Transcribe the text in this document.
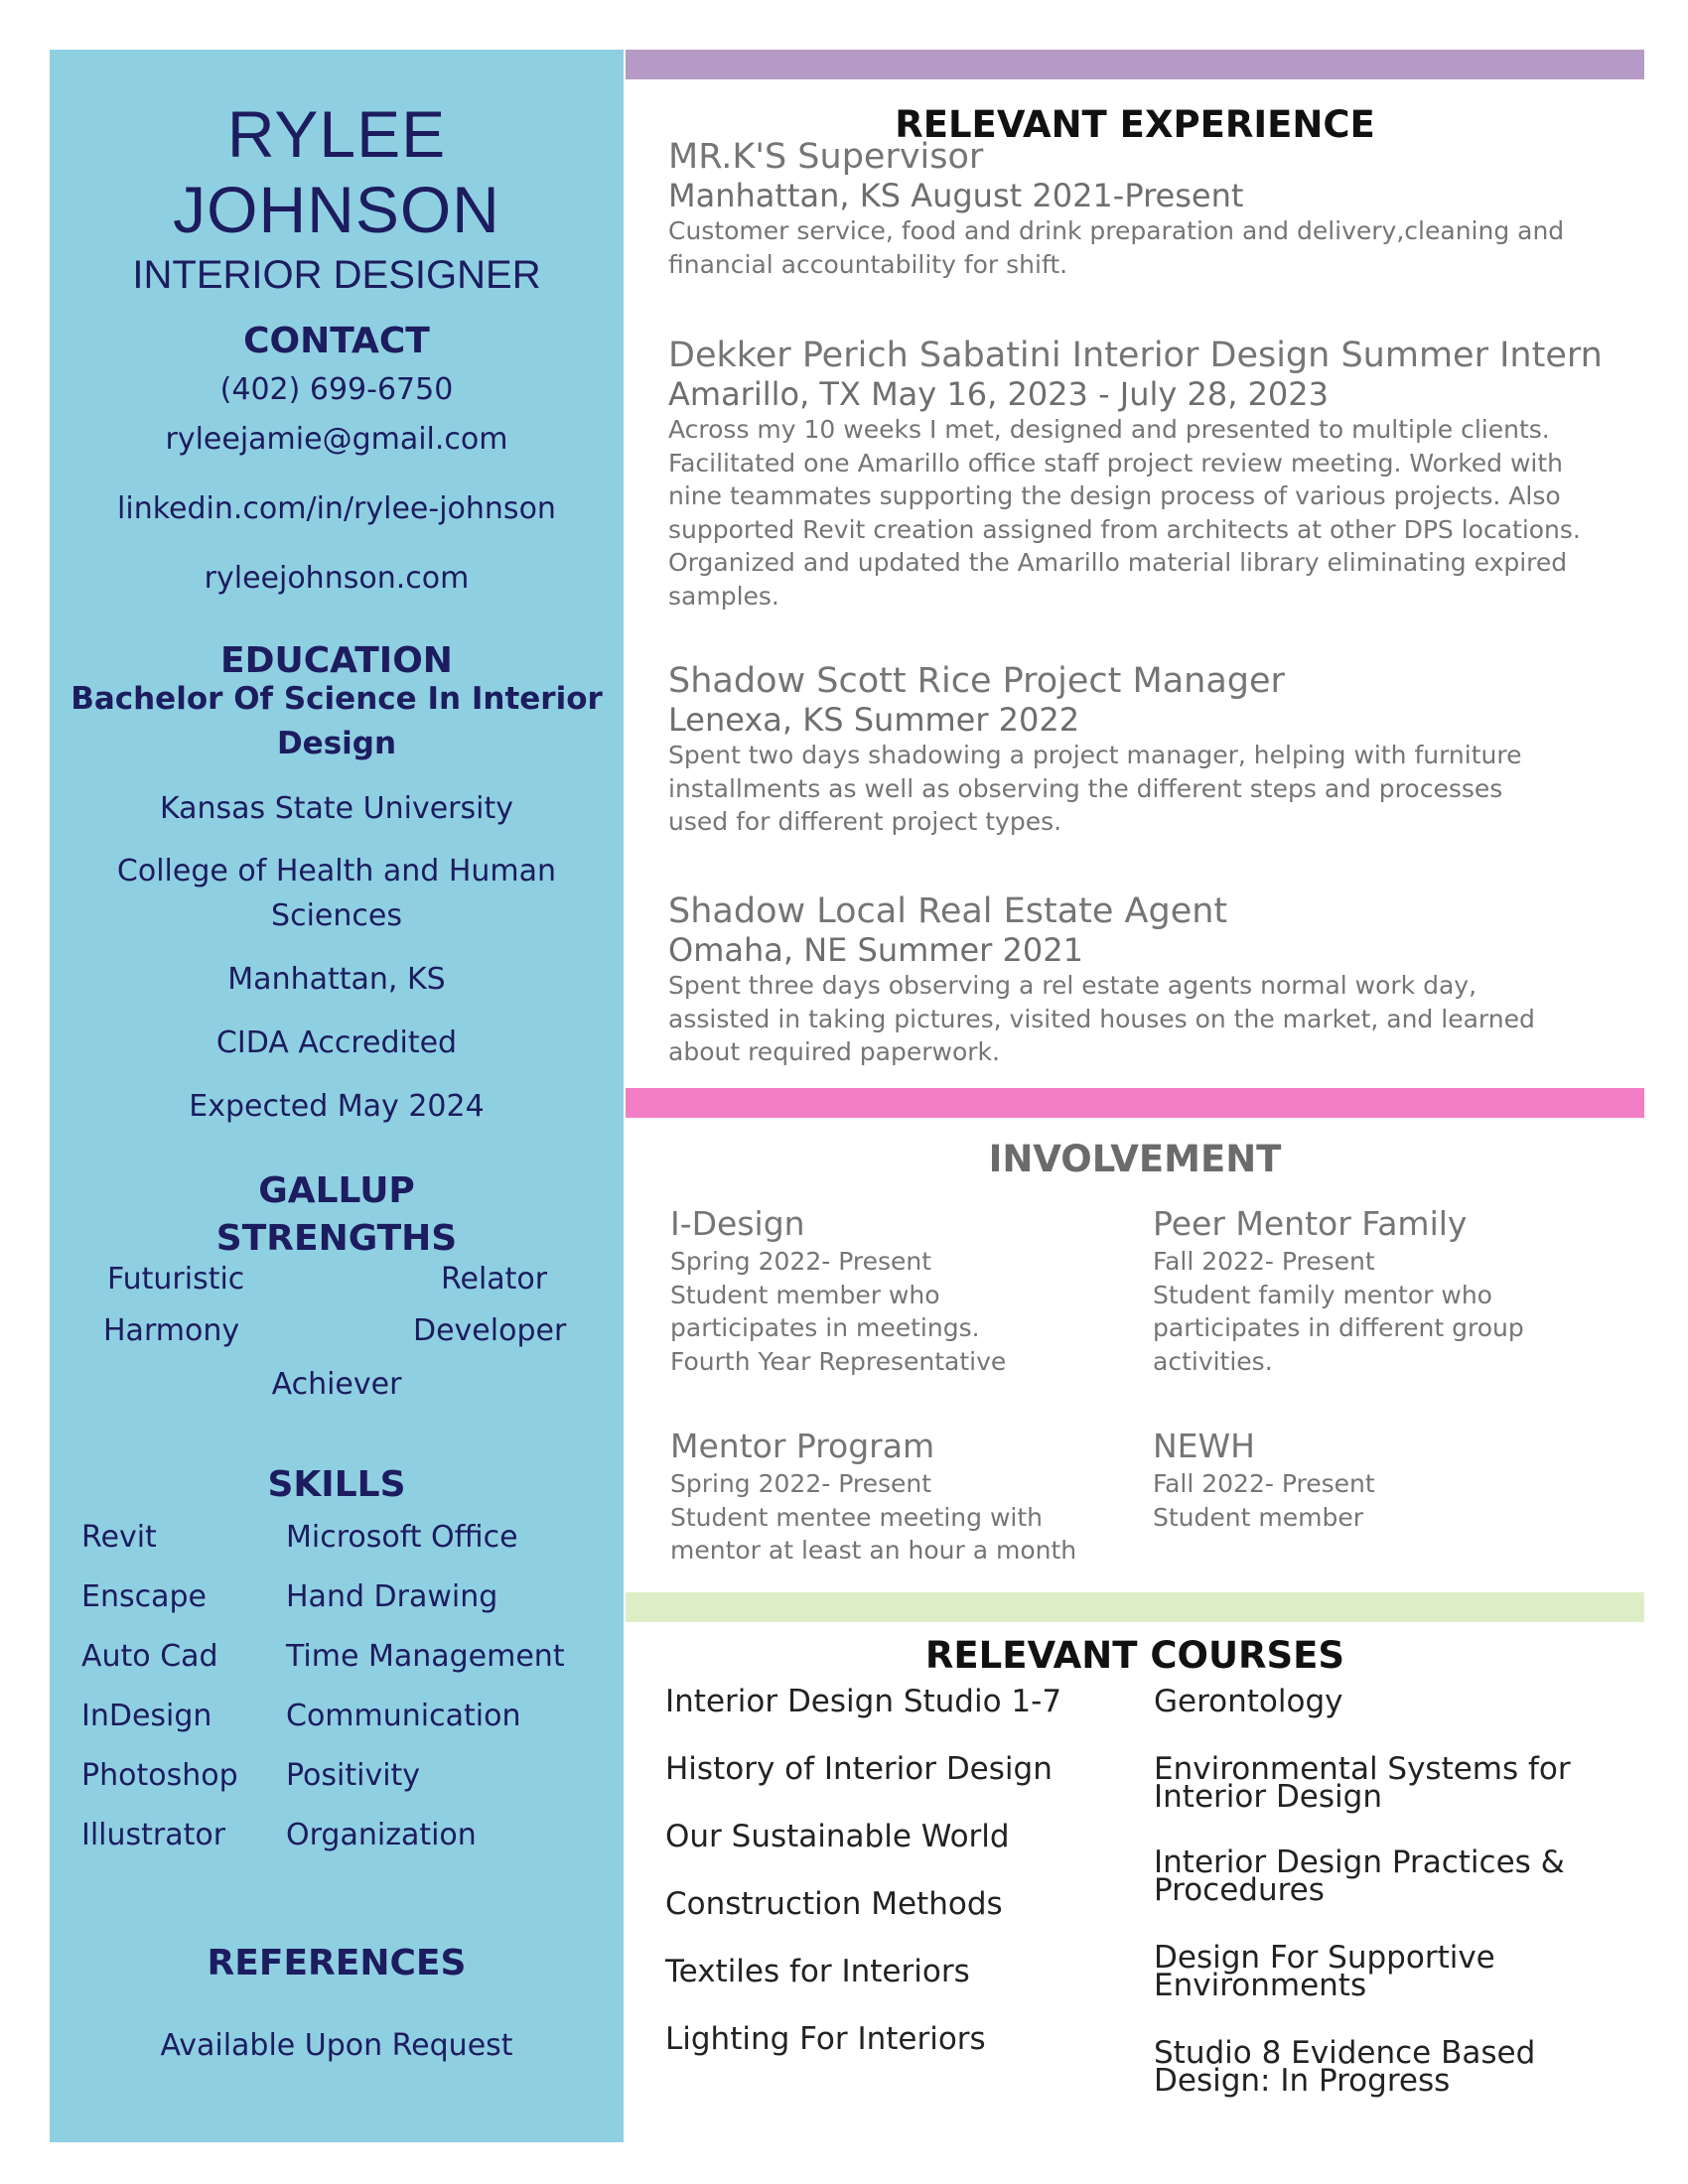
RYLEE
JOHNSON
INTERIOR DESIGNER
CONTACT
(402) 699-6750
ryleejamie@gmail.com
linkedin.com/in/rylee-johnson
ryleejohnson.com
EDUCATION
Bachelor Of Science In Interior
Design
Kansas State University
College of Health and Human
Sciences
Manhattan, KS
CIDA Accredited
Expected May 2024
GALLUP
STRENGTHS
Futuristic	Relator
Harmony	Developer
Achiever
SKILLS
Revit
Enscape
Auto Cad
InDesign
Photoshop
Illustrator
Microsoft Office
Hand Drawing
Time Management
Communication
Positivity
Organization
REFERENCES
Available Upon Request
RELEVANT EXPERIENCE
MR.K'S Supervisor
Manhattan, KS August 2021-Present
Customer service, food and drink preparation and delivery,cleaning and
financial accountability for shift.
Dekker Perich Sabatini Interior Design Summer Intern
Amarillo, TX May 16, 2023 - July 28, 2023
Across my 10 weeks I met, designed and presented to multiple clients.
Facilitated one Amarillo office staff project review meeting. Worked with
nine teammates supporting the design process of various projects. Also
supported Revit creation assigned from architects at other DPS locations.
Organized and updated the Amarillo material library eliminating expired
samples.
Shadow Scott Rice Project Manager
Lenexa, KS Summer 2022
Spent two days shadowing a project manager, helping with furniture
installments as well as observing the different steps and processes
used for different project types.
Shadow Local Real Estate Agent
Omaha, NE Summer 2021
Spent three days observing a rel estate agents normal work day,
assisted in taking pictures, visited houses on the market, and learned
about required paperwork.
INVOLVEMENT
I-Design
Spring 2022- Present
Student member who
participates in meetings.
Fourth Year Representative
Peer Mentor Family
Fall 2022- Present
Student family mentor who
participates in different group
activities.
Mentor Program
Spring 2022- Present
Student mentee meeting with
mentor at least an hour a month
NEWH
Fall 2022- Present
Student member
RELEVANT COURSES
Interior Design Studio 1-7
History of Interior Design
Our Sustainable World
Construction Methods
Textiles for Interiors
Lighting For Interiors
Gerontology
Environmental Systems for
Interior Design
Interior Design Practices &
Procedures
Design For Supportive
Environments
Studio 8 Evidence Based
Design: In Progress
